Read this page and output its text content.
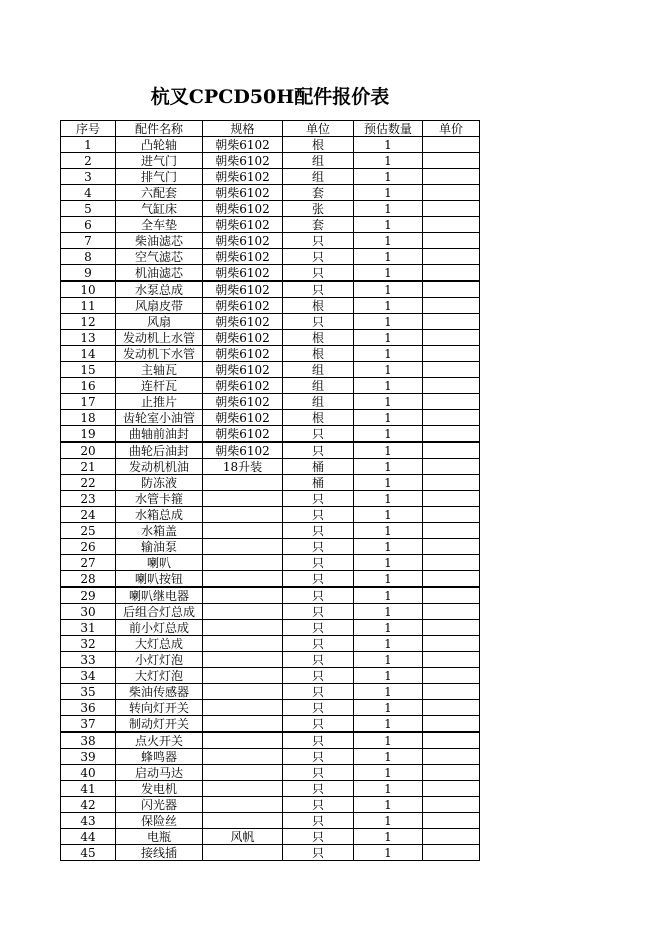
杭叉CPCD50H配件报价表
序号	配件名称	规格	单位	预估数量	单价
1	凸轮轴	朝柴6102	根	1	
2	进气门	朝柴6102	组	1	
3	排气门	朝柴6102	组	1	
4	六配套	朝柴6102	套	1	
5	气缸床	朝柴6102	张	1	
6	全车垫	朝柴6102	套	1	
7	柴油滤芯	朝柴6102	只	1	
8	空气滤芯	朝柴6102	只	1	
9	机油滤芯	朝柴6102	只	1	
10	水泵总成	朝柴6102	只	1	
11	风扇皮带	朝柴6102	根	1	
12	风扇	朝柴6102	只	1	
13	发动机上水管	朝柴6102	根	1	
14	发动机下水管	朝柴6102	根	1	
15	主轴瓦	朝柴6102	组	1	
16	连杆瓦	朝柴6102	组	1	
17	止推片	朝柴6102	组	1	
18	齿轮室小油管	朝柴6102	根	1	
19	曲轴前油封	朝柴6102	只	1	
20	曲轮后油封	朝柴6102	只	1	
21	发动机机油	18升装	桶	1	
22	防冻液		桶	1	
23	水管卡箍		只	1	
24	水箱总成		只	1	
25	水箱盖		只	1	
26	输油泵		只	1	
27	喇叭		只	1	
28	喇叭按钮		只	1	
29	喇叭继电器		只	1	
30	后组合灯总成		只	1	
31	前小灯总成		只	1	
32	大灯总成		只	1	
33	小灯灯泡		只	1	
34	大灯灯泡		只	1	
35	柴油传感器		只	1	
36	转向灯开关		只	1	
37	制动灯开关		只	1	
38	点火开关		只	1	
39	蜂鸣器		只	1	
40	启动马达		只	1	
41	发电机		只	1	
42	闪光器		只	1	
43	保险丝		只	1	
44	电瓶	风帆	只	1	
45	接线插		只	1	
